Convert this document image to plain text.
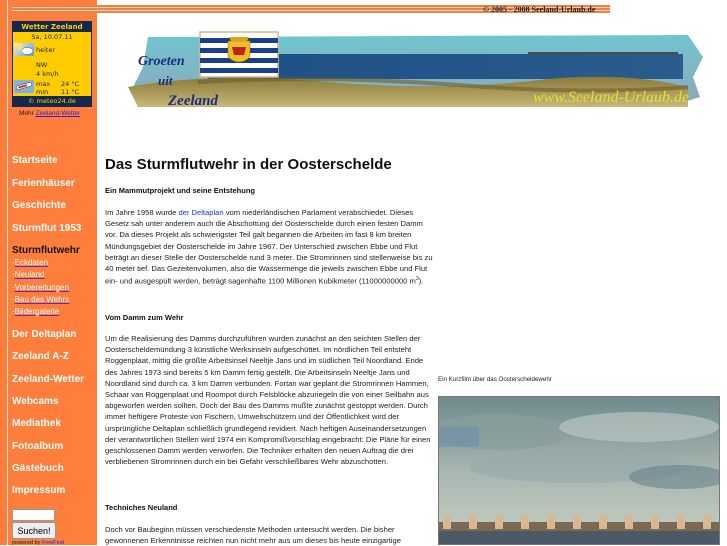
© 2005 - 2008 Seeland-Urlaub.de
Wetter Zeeland
Sa, 10.07.11
heiter
NW
4 km/h
max 24 °C
min 11 °C
© meteo24.de
Mehr Zeeland-Wetter
Startseite
Ferienhäuser
Geschichte
Sturmflut 1953
Sturmflutwehr
·Eckdaten
·Neuland
·Vorbereitungen
·Bau des Wehrs
·Bildergalerie
Der Deltaplan
Zeeland A-Z
Zeeland-Wetter
Webcams
Mediathek
Fotoalbum
Gästebuch
Impressum
Suchen!
powered by FreeFind
Groeten
uit
Zeeland	www.Seeland-Urlaub.de
Das Sturmflutwehr in der Oosterschelde
Ein Mammutprojekt und seine Entstehung

Im Jahre 1958 wurde der Deltaplan vom niederländischen Parlament verabschiedet. Dieses Gesetz sah unter anderem auch die Abschottung der Oosterschelde durch einen festen Damm vor. Da dieses Projekt als schwierigster Teil galt begannen die Arbeiten im fast 8 km breiten Mündungsgebiet der Oosterschelde im Jahre 1967. Der Unterschied zwischen Ebbe und Flut beträgt an dieser Stelle der Oosterschelde rund 3 meter. Die Stromrinnen sind stellenweise bis zu 40 meter tief. Das Gezeitenvolumen, also die Wassermenge die jeweils zwischen Ebbe und Flut ein- und ausgespült werden, beträgt sagenhafte 1100 Millionen Kubikmeter (11000000000 $m^3$).

Vom Damm zum Wehr

Um die Realisierung des Damms durchzuführen wurden zunächst an den seichten Stellen der Oosterscheldemündung 3 künstliche Werksinseln aufgeschüttet. Im nördlichen Teil entsteht Roggenplaat, mittig die größte Arbeitsinsel Neeltje Jans und im südlichen Teil Noordland. Ende des Jahres 1973 sind bereits 5 km Damm fertig gestellt. Die Arbeitsinseln Neeltje Jans und Noordland sind durch ca. 3 km Damm verbunden. Fortan war geplant die Stromrinnen Hammen, Schaar van Roggenplaat und Roompot durch Felsblöcke abzuriegeln die von einer Seilbahn aus abgeworfen werden sollten. Doch der Bau des Damms mußte zunächst gestoppt werden. Durch immer heftigere Proteste von Fischern, Umweltschützern und der Öffentlichkeit wird der ursprüngliche Deltaplan schließlich grundlegend revidiert. Nach heftigen Auseinandersetzungen der verantwortlichen Stellen wird 1974 ein Kompromißvorschlag eingebracht: Die Pläne für einen geschlossenen Damm werden verworfen. Die Techniker erhalten den neuen Auftrag die drei verbliebenen Stromrinnen durch ein bei Gefahr verschließbares Wehr abzuschotten.

Techniches Neuland

Doch vor Baubeginn müssen verschiedenste Methoden untersucht werden. Die bisher gewonnenen Erkenntnisse reichten nun nicht mehr aus um dieses bis heute einzigartige

Ein Kurzfilm über das Oosterscheldewehr
